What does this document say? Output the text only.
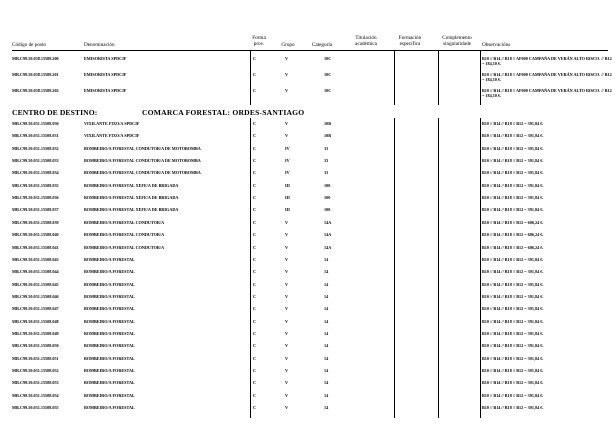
Código de posto	Denominación
Forma
prov.	Grupo	Categoría
Titulación
académica
Formación
específica
Complemento
singularidade	Observacións
MR.C99.50.038.15508.200	EMISORISTA SPDCIF	C	V	10C	B10 // B14 // B18 // AF000 CAMPAÑA DE VERÁN ALTO RISCO. // B12 = 184,10 €.
MR.C99.50.038.15508.201	EMISORISTA SPDCIF	C	V	10C	B10 // B14 // B18 // AF000 CAMPAÑA DE VERÁN ALTO RISCO. // B12 = 184,10 €.
MR.C99.50.038.15508.202	EMISORISTA SPDCIF	C	V	10C	B10 // B14 // B18 // AF000 CAMPAÑA DE VERÁN ALTO RISCO. // B12 = 184,10 €.
CENTRO DE DESTINO:	COMARCA FORESTAL: ORDES-SANTIAGO
MR.C99.50.031.15508.030	VIXILANTE FIXO/A SPDCIF	C	V	10B	B10 // B14 // B18 // B12 = 391,84 €.
MR.C99.50.031.15508.031	VIXILANTE FIXO/A SPDCIF	C	V	10B	B10 // B14 // B18 // B12 = 391,84 €.
MR.C99.50.031.15508.032	BOMBEIRO/A FORESTAL CONDUTOR/A DE MOTOBOMBA	C	IV	33	B10 // B14 // B18 // B12 = 391,84 €.
MR.C99.50.031.15508.033	BOMBEIRO/A FORESTAL CONDUTOR/A DE MOTOBOMBA	C	IV	33	B10 // B14 // B18 // B12 = 391,84 €.
MR.C99.50.031.15508.034	BOMBEIRO/A FORESTAL CONDUTOR/A DE MOTOBOMBA	C	IV	33	B10 // B14 // B18 // B12 = 391,84 €.
MR.C99.50.031.15508.035	BOMBEIRO/A FORESTAL XEFE/A DE BRIGADA	C	III	100	B10 // B14 // B18 // B12 = 391,84 €.
MR.C99.50.031.15508.036	BOMBEIRO/A FORESTAL XEFE/A DE BRIGADA	C	III	100	B10 // B14 // B18 // B12 = 391,84 €.
MR.C99.50.031.15508.037	BOMBEIRO/A FORESTAL XEFE/A DE BRIGADA	C	III	100	B10 // B14 // B18 // B12 = 391,84 €.
MR.C99.50.031.15508.039	BOMBEIRO/A FORESTAL CONDUTOR/A	C	V	14A	B10 // B14 // B18 // B12 = 606,24 €.
MR.C99.50.031.15508.040	BOMBEIRO/A FORESTAL CONDUTOR/A	C	V	14A	B10 // B14 // B18 // B12 = 606,24 €.
MR.C99.50.031.15508.041	BOMBEIRO/A FORESTAL CONDUTOR/A	C	V	14A	B10 // B14 // B18 // B12 = 606,24 €.
MR.C99.50.031.15508.043	BOMBEIRO/A FORESTAL	C	V	14	B10 // B14 // B18 // B12 = 391,84 €.
MR.C99.50.031.15508.044	BOMBEIRO/A FORESTAL	C	V	14	B10 // B14 // B18 // B12 = 391,84 €.
MR.C99.50.031.15508.045	BOMBEIRO/A FORESTAL	C	V	14	B10 // B14 // B18 // B12 = 391,84 €.
MR.C99.50.031.15508.046	BOMBEIRO/A FORESTAL	C	V	14	B10 // B14 // B18 // B12 = 391,84 €.
MR.C99.50.031.15508.047	BOMBEIRO/A FORESTAL	C	V	14	B10 // B14 // B18 // B12 = 391,84 €.
MR.C99.50.031.15508.048	BOMBEIRO/A FORESTAL	C	V	14	B10 // B14 // B18 // B12 = 391,84 €.
MR.C99.50.031.15508.049	BOMBEIRO/A FORESTAL	C	V	14	B10 // B14 // B18 // B12 = 391,84 €.
MR.C99.50.031.15508.050	BOMBEIRO/A FORESTAL	C	V	14	B10 // B14 // B18 // B12 = 391,84 €.
MR.C99.50.031.15508.051	BOMBEIRO/A FORESTAL	C	V	14	B10 // B14 // B18 // B12 = 391,84 €.
MR.C99.50.031.15508.052	BOMBEIRO/A FORESTAL	C	V	14	B10 // B14 // B18 // B12 = 391,84 €.
MR.C99.50.031.15508.053	BOMBEIRO/A FORESTAL	C	V	14	B10 // B14 // B18 // B12 = 391,84 €.
MR.C99.50.031.15508.054	BOMBEIRO/A FORESTAL	C	V	14	B10 // B14 // B18 // B12 = 391,84 €.
MR.C99.50.031.15508.055	BOMBEIRO/A FORESTAL	C	V	14	B10 // B14 // B18 // B12 = 391,84 €.
